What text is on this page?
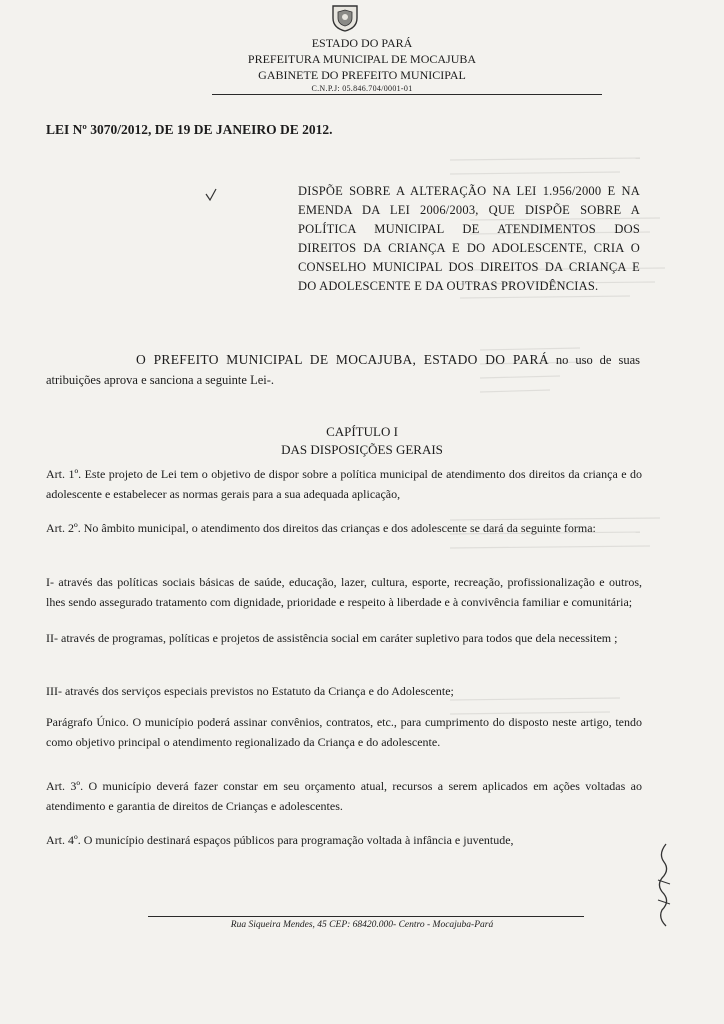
ESTADO DO PARÁ
PREFEITURA MUNICIPAL DE MOCAJUBA
GABINETE DO PREFEITO MUNICIPAL
C.N.P.J: 05.846.704/0001-01
LEI Nº 3070/2012, DE 19 DE JANEIRO DE 2012.
DISPÕE SOBRE A ALTERAÇÃO NA LEI 1.956/2000 E NA EMENDA DA LEI 2006/2003, QUE DISPÕE SOBRE A POLÍTICA MUNICIPAL DE ATENDIMENTOS DOS DIREITOS DA CRIANÇA E DO ADOLESCENTE, CRIA O CONSELHO MUNICIPAL DOS DIREITOS DA CRIANÇA E DO ADOLESCENTE E DA OUTRAS PROVIDÊNCIAS.
O PREFEITO MUNICIPAL DE MOCAJUBA, ESTADO DO PARÁ no uso de suas atribuições aprova e sanciona a seguinte Lei-.
CAPÍTULO I
DAS DISPOSIÇÕES GERAIS
Art. 1º. Este projeto de Lei tem o objetivo de dispor sobre a política municipal de atendimento dos direitos da criança e do adolescente e estabelecer as normas gerais para a sua adequada aplicação,
Art. 2º. No âmbito municipal, o atendimento dos direitos das crianças e dos adolescente se dará da seguinte forma:
I- através das políticas sociais básicas de saúde, educação, lazer, cultura, esporte, recreação, profissionalização e outros, lhes sendo assegurado tratamento com dignidade, prioridade e respeito à liberdade e à convivência familiar e comunitária;
II- através de programas, políticas e projetos de assistência social em caráter supletivo para todos que dela necessitem ;
III- através dos serviços especiais previstos no Estatuto da Criança e do Adolescente;
Parágrafo Único. O município poderá assinar convênios, contratos, etc., para cumprimento do disposto neste artigo, tendo como objetivo principal o atendimento regionalizado da Criança e do adolescente.
Art. 3º. O município deverá fazer constar em seu orçamento atual, recursos a serem aplicados em ações voltadas ao atendimento e garantia de direitos de Crianças e adolescentes.
Art. 4º. O município destinará espaços públicos para programação voltada à infância e juventude,
Rua Siqueira Mendes, 45 CEP: 68420.000- Centro - Mocajuba-Pará
